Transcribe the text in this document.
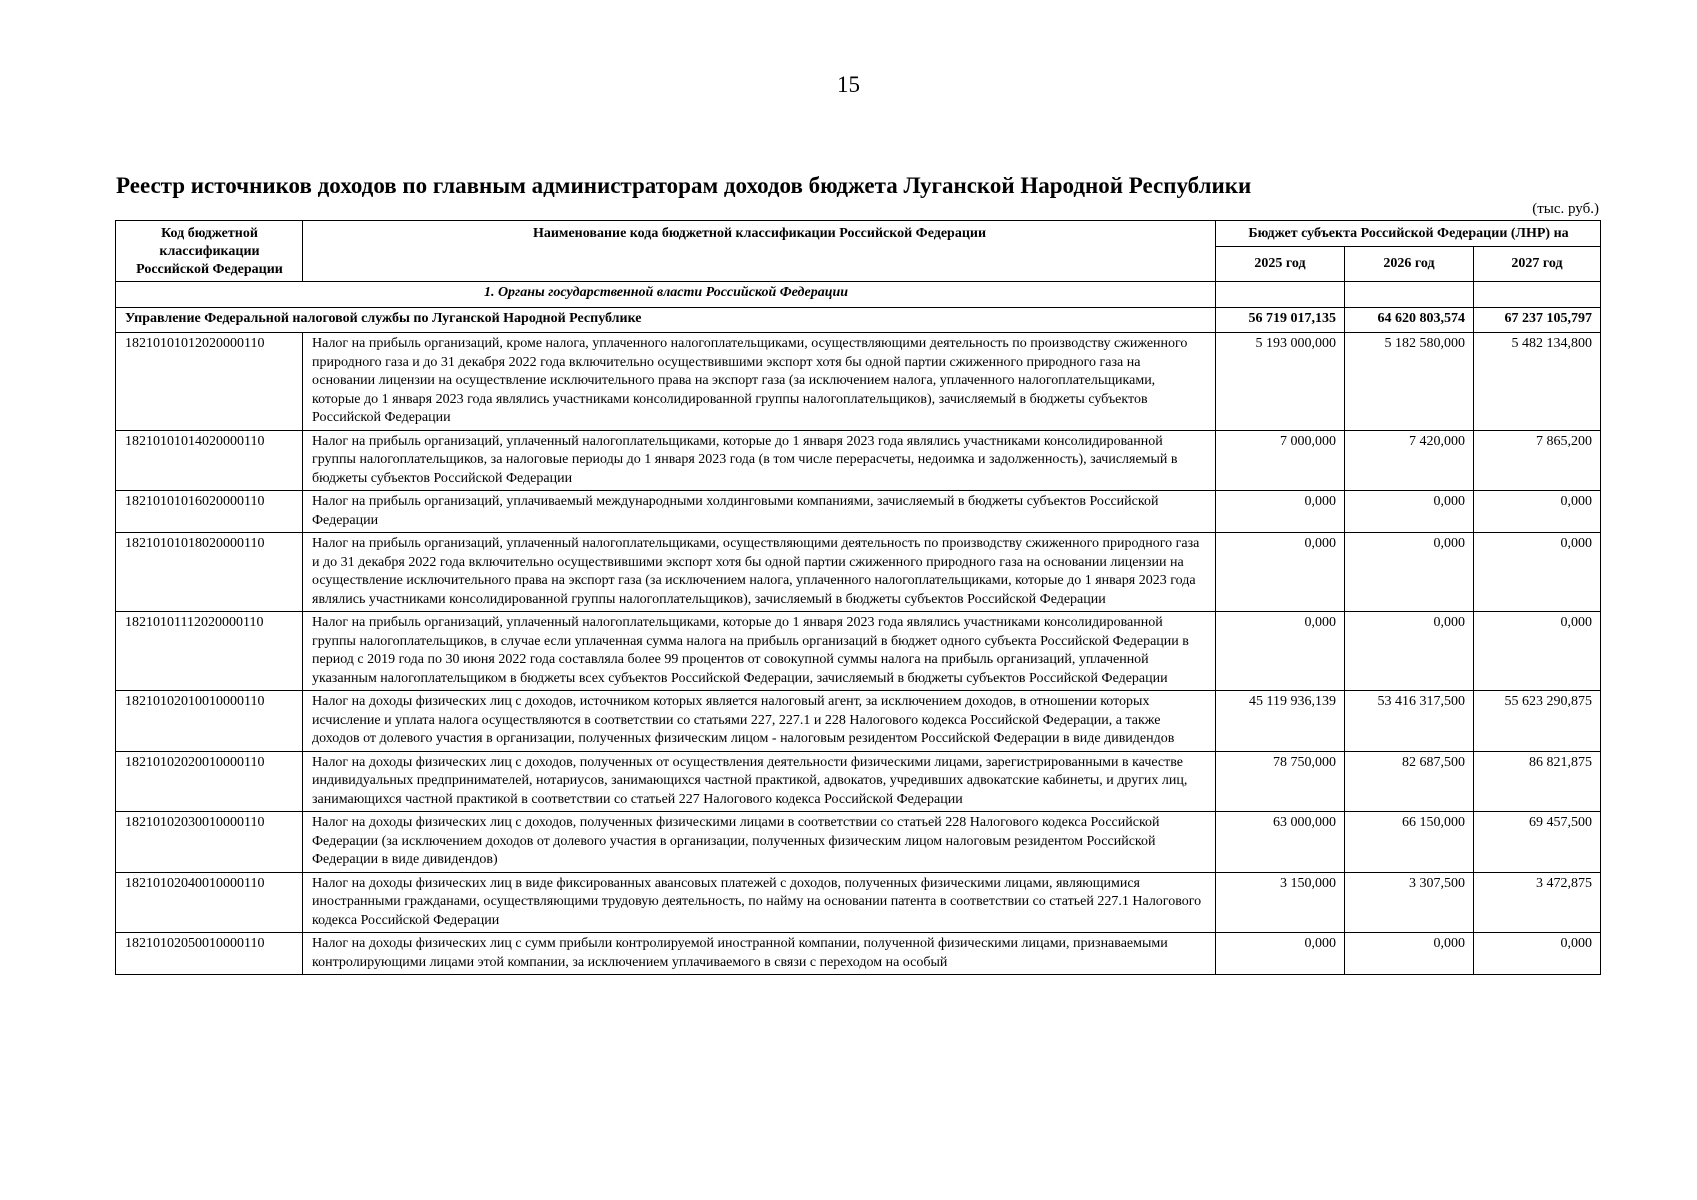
15
Реестр источников доходов по главным администраторам доходов бюджета Луганской Народной Республики
(тыс. руб.)
Код бюджетной классификации Российской Федерации	Наименование кода бюджетной классификации Российской Федерации	Бюджет субъекта Российской Федерации (ЛНР) на		
		2025 год	2026 год	2027 год
1. Органы государственной власти Российской Федерации				
Управление Федеральной налоговой службы по Луганской Народной Республике		56 719 017,135	64 620 803,574	67 237 105,797
18210101012020000110	Налог на прибыль организаций, кроме налога, уплаченного налогоплательщиками, осуществляющими деятельность по производству сжиженного природного газа и до 31 декабря 2022 года включительно осуществившими экспорт хотя бы одной партии сжиженного природного газа на основании лицензии на осуществление исключительного права на экспорт газа (за исключением налога, уплаченного налогоплательщиками, которые до 1 января 2023 года являлись участниками консолидированной группы налогоплательщиков), зачисляемый в бюджеты субъектов Российской Федерации	5 193 000,000	5 182 580,000	5 482 134,800
18210101014020000110	Налог на прибыль организаций, уплаченный налогоплательщиками, которые до 1 января 2023 года являлись участниками консолидированной группы налогоплательщиков, за налоговые периоды до 1 января 2023 года (в том числе перерасчеты, недоимка и задолженность), зачисляемый в бюджеты субъектов Российской Федерации	7 000,000	7 420,000	7 865,200
18210101016020000110	Налог на прибыль организаций, уплачиваемый международными холдинговыми компаниями, зачисляемый в бюджеты субъектов Российской Федерации	0,000	0,000	0,000
18210101018020000110	Налог на прибыль организаций, уплаченный налогоплательщиками, осуществляющими деятельность по производству сжиженного природного газа и до 31 декабря 2022 года включительно осуществившими экспорт хотя бы одной партии сжиженного природного газа на основании лицензии на осуществление исключительного права на экспорт газа (за исключением налога, уплаченного налогоплательщиками, которые до 1 января 2023 года являлись участниками консолидированной группы налогоплательщиков), зачисляемый в бюджеты субъектов Российской Федерации	0,000	0,000	0,000
18210101112020000110	Налог на прибыль организаций, уплаченный налогоплательщиками, которые до 1 января 2023 года являлись участниками консолидированной группы налогоплательщиков, в случае если уплаченная сумма налога на прибыль организаций в бюджет одного субъекта Российской Федерации в период с 2019 года по 30 июня 2022 года составляла более 99 процентов от совокупной суммы налога на прибыль организаций, уплаченной указанным налогоплательщиком в бюджеты всех субъектов Российской Федерации, зачисляемый в бюджеты субъектов Российской Федерации	0,000	0,000	0,000
18210102010010000110	Налог на доходы физических лиц с доходов, источником которых является налоговый агент, за исключением доходов, в отношении которых исчисление и уплата налога осуществляются в соответствии со статьями 227, 227.1 и 228 Налогового кодекса Российской Федерации, а также доходов от долевого участия в организации, полученных физическим лицом - налоговым резидентом Российской Федерации в виде дивидендов	45 119 936,139	53 416 317,500	55 623 290,875
18210102020010000110	Налог на доходы физических лиц с доходов, полученных от осуществления деятельности физическими лицами, зарегистрированными в качестве индивидуальных предпринимателей, нотариусов, занимающихся частной практикой, адвокатов, учредивших адвокатские кабинеты, и других лиц, занимающихся частной практикой в соответствии со статьей 227 Налогового кодекса Российской Федерации	78 750,000	82 687,500	86 821,875
18210102030010000110	Налог на доходы физических лиц с доходов, полученных физическими лицами в соответствии со статьей 228 Налогового кодекса Российской Федерации (за исключением доходов от долевого участия в организации, полученных физическим лицом налоговым резидентом Российской Федерации в виде дивидендов)	63 000,000	66 150,000	69 457,500
18210102040010000110	Налог на доходы физических лиц в виде фиксированных авансовых платежей с доходов, полученных физическими лицами, являющимися иностранными гражданами, осуществляющими трудовую деятельность, по найму на основании патента в соответствии со статьей 227.1 Налогового кодекса Российской Федерации	3 150,000	3 307,500	3 472,875
18210102050010000110	Налог на доходы физических лиц с сумм прибыли контролируемой иностранной компании, полученной физическими лицами, признаваемыми контролирующими лицами этой компании, за исключением уплачиваемого в связи с переходом на особый	0,000	0,000	0,000
